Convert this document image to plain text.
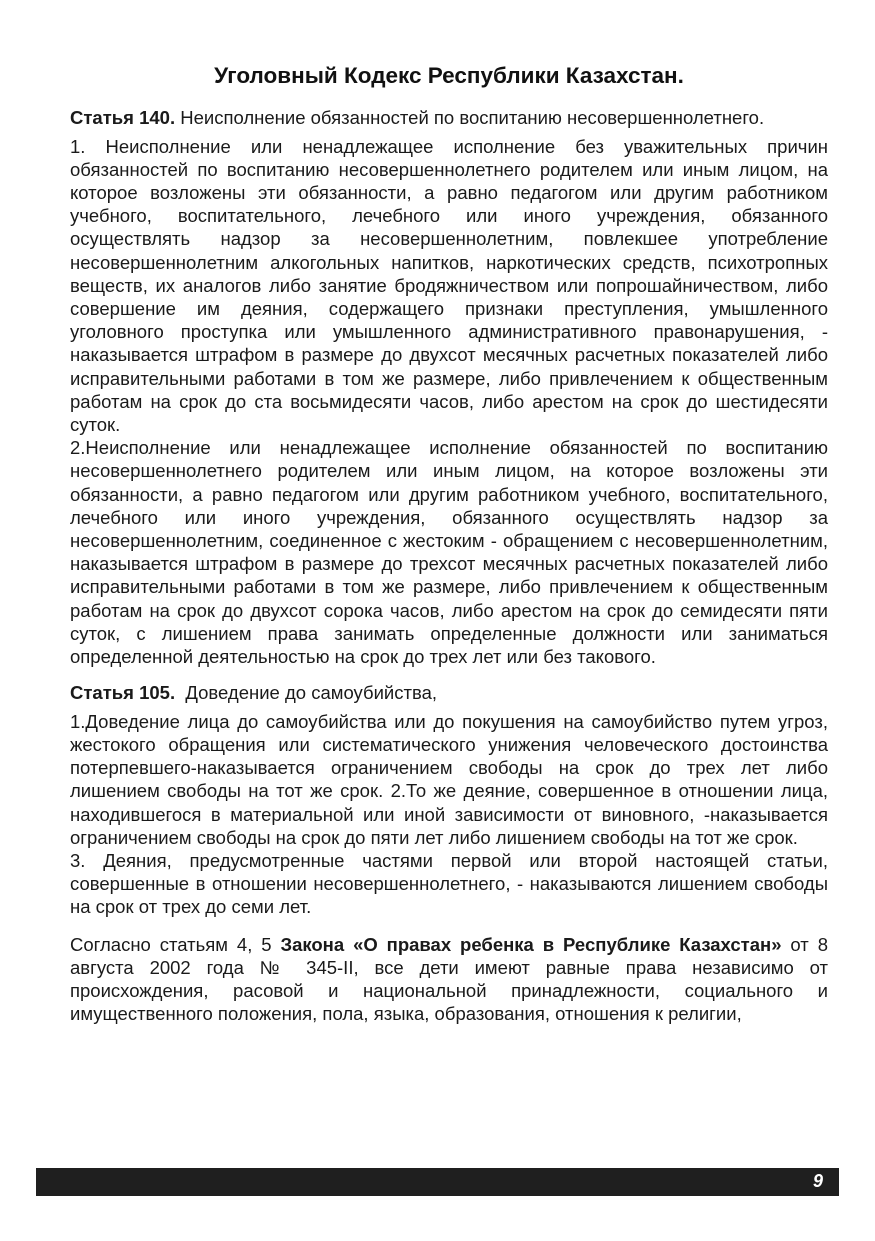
Уголовный Кодекс Республики Казахстан.

Статья 140. Неисполнение обязанностей по воспитанию несовершеннолетнего.

1. Неисполнение или ненадлежащее исполнение без уважительных причин обязанностей по воспитанию несовершеннолетнего родителем или иным лицом, на которое возложены эти обязанности, а равно педагогом или другим работником учебного, воспитательного, лечебного или иного учреждения, обязанного осуществлять надзор за несовершеннолетним, повлекшее употребление несовершеннолетним алкогольных напитков, наркотических средств, психотропных веществ, их аналогов либо занятие бродяжничеством или попрошайничеством, либо совершение им деяния, содержащего признаки преступления, умышленного уголовного проступка или умышленного административного правонарушения, - наказывается штрафом в размере до двухсот месячных расчетных показателей либо исправительными работами в том же размере, либо привлечением к общественным работам на срок до ста восьмидесяти часов, либо арестом на срок до шестидесяти суток.

2.Неисполнение или ненадлежащее исполнение обязанностей по воспитанию несовершеннолетнего родителем или иным лицом, на которое возложены эти обязанности, а равно педагогом или другим работником учебного, воспитательного, лечебного или иного учреждения, обязанного осуществлять надзор за несовершеннолетним, соединенное с жестоким - обращением с несовершеннолетним, наказывается штрафом в размере до трехсот месячных расчетных показателей либо исправительными работами в том же размере, либо привлечением к общественным работам на срок до двухсот сорока часов, либо арестом на срок до семидесяти пяти суток, с лишением права занимать определенные должности или заниматься определенной деятельностью на срок до трех лет или без такового.

Статья 105.  Доведение до самоубийства,

1.Доведение лица до самоубийства или до покушения на самоубийство путем угроз, жестокого обращения или систематического унижения человеческого достоинства потерпевшего-наказывается ограничением свободы на срок до трех лет либо лишением свободы на тот же срок. 2.То же деяние, совершенное в отношении лица, находившегося в материальной или иной зависимости от виновного, -наказывается ограничением свободы на срок до пяти лет либо лишением свободы на тот же срок.

3. Деяния, предусмотренные частями первой или второй настоящей статьи, совершенные в отношении несовершеннолетнего, - наказываются лишением свободы на срок от трех до семи лет.

Согласно статьям 4, 5 Закона «О правах ребенка в Республике Казахстан» от 8 августа 2002 года № 345-II, все дети имеют равные права независимо от происхождения, расовой и национальной принадлежности, социального и имущественного положения, пола, языка, образования, отношения к религии,

9
